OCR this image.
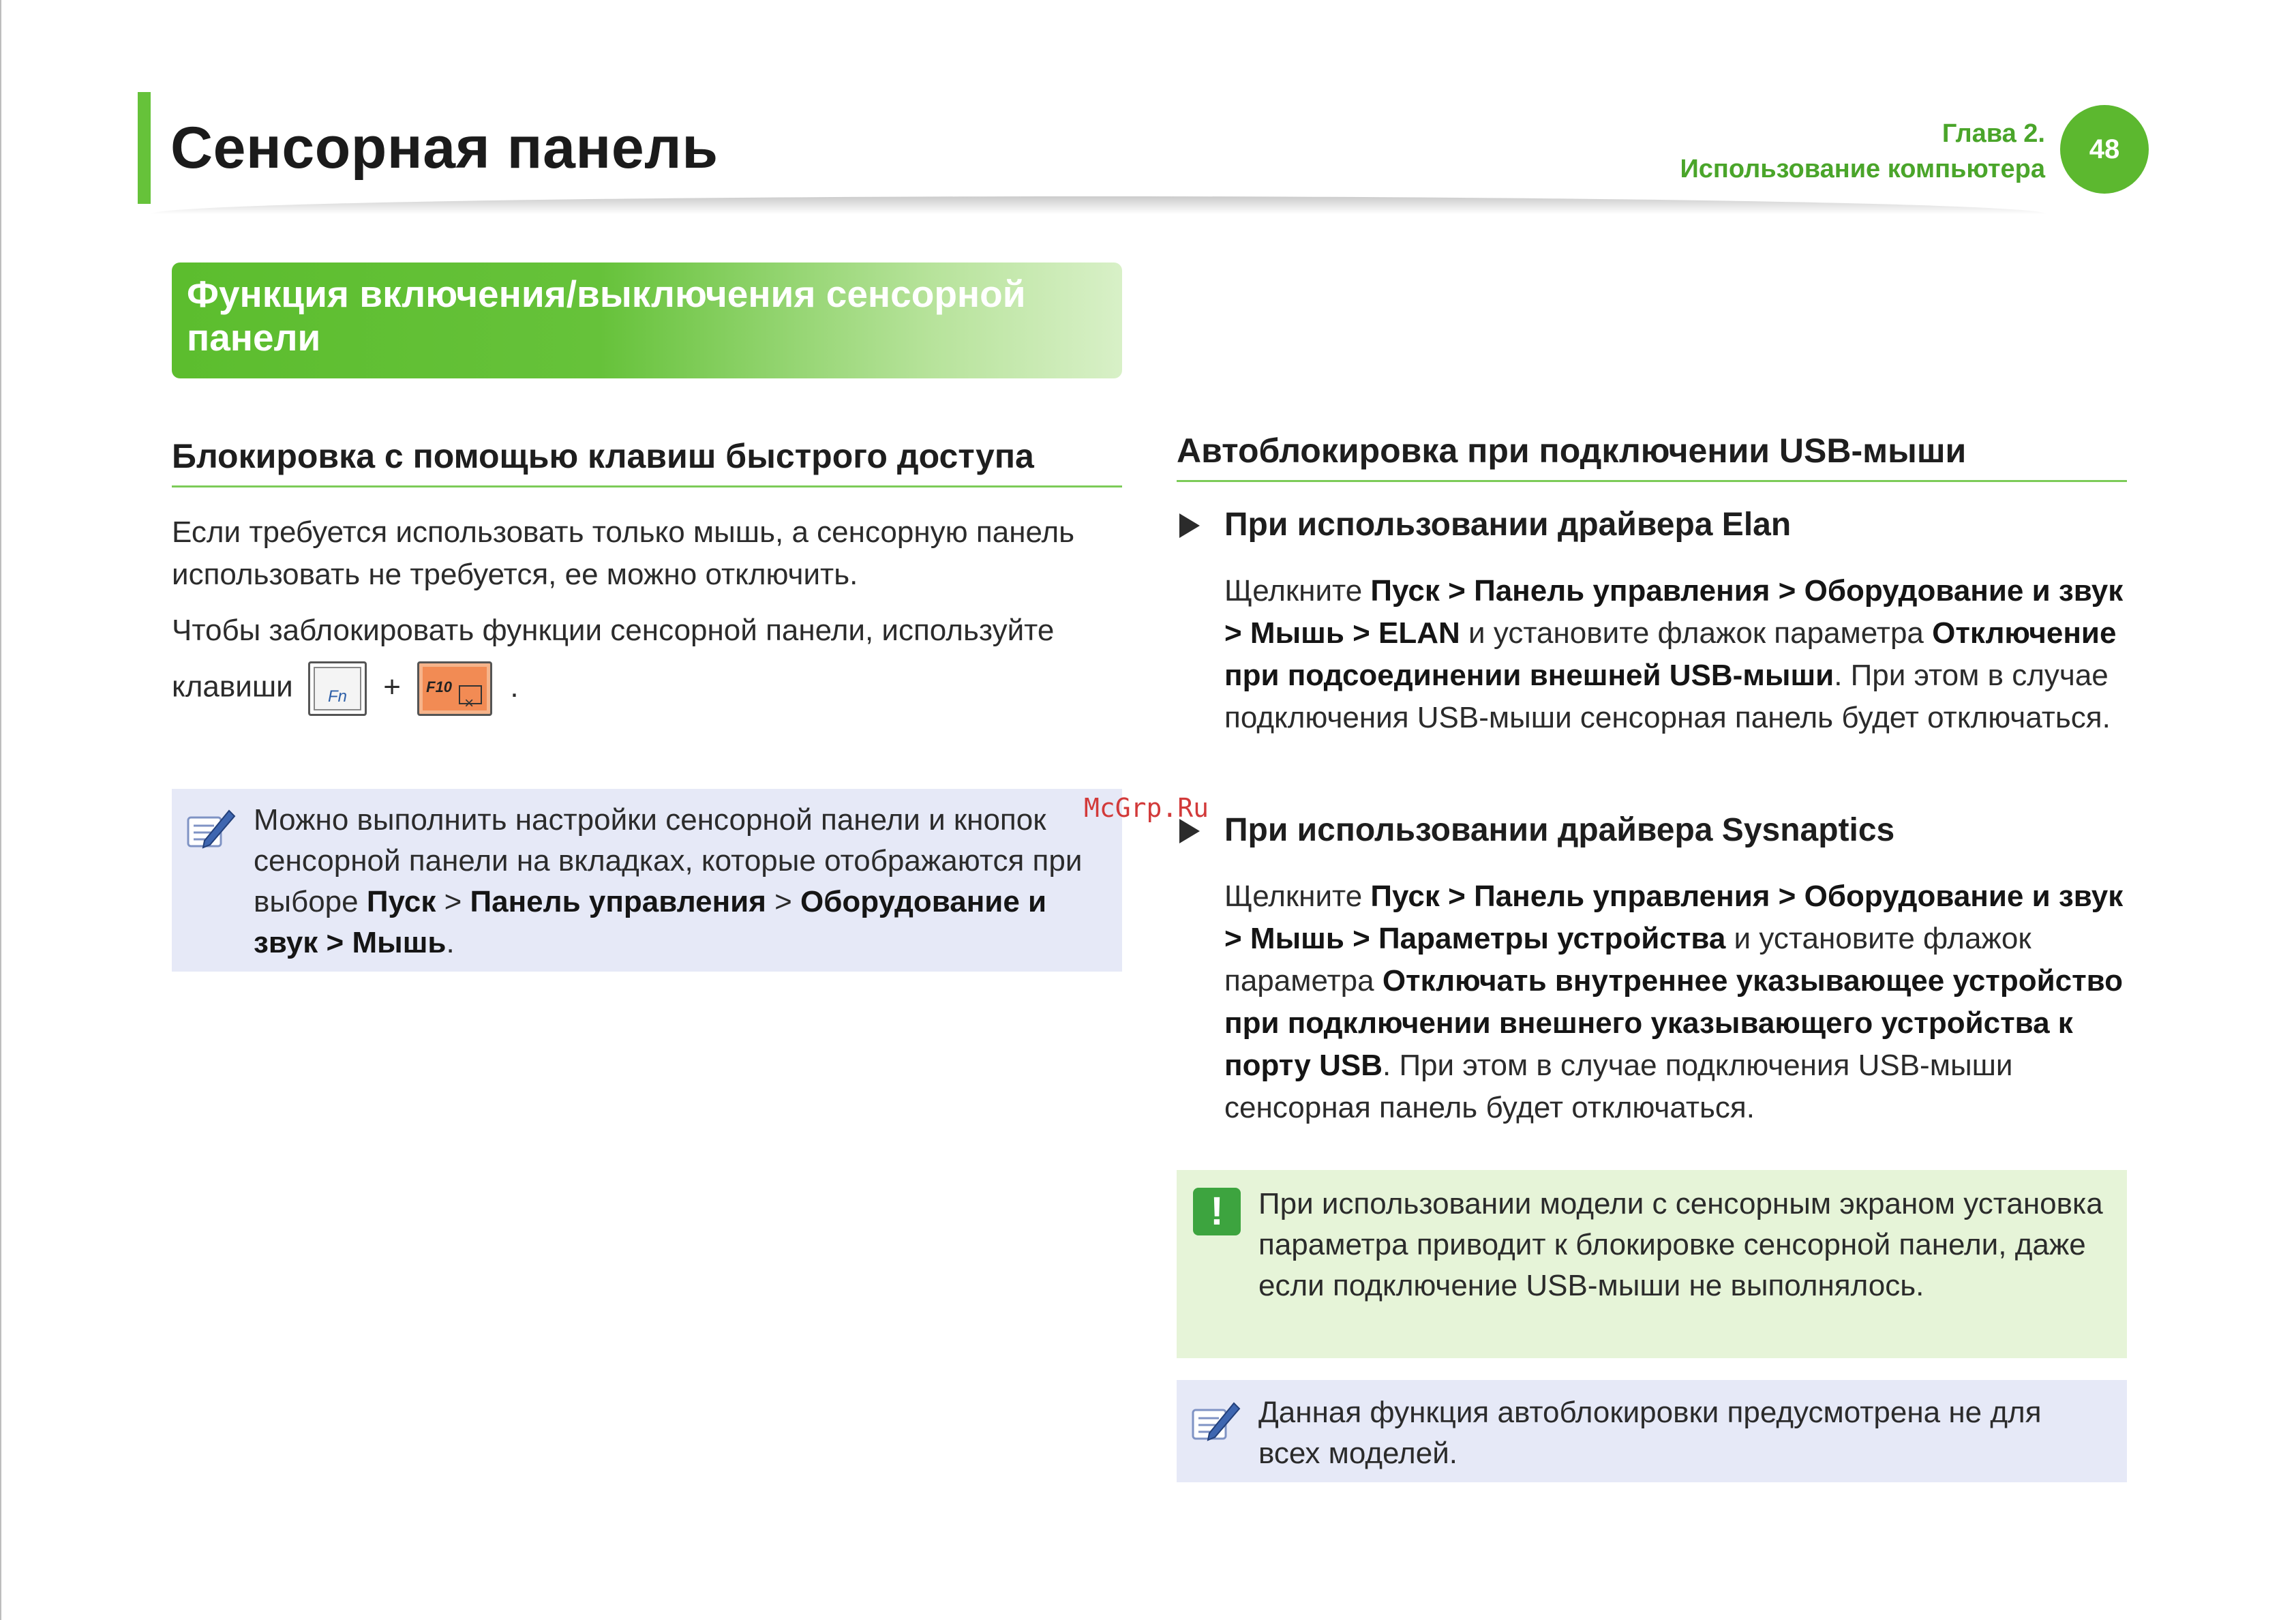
Сенсорная панель	Глава 2.
Использование компьютера
48
Функция включения/выключения сенсорной панели
Блокировка с помощью клавиш быстрого доступа
Если требуется использовать только мышь, а сенсорную панель использовать не требуется, ее можно отключить.
Чтобы заблокировать функции сенсорной панели, используйте
клавиши	Fn	+ F10 × .
Можно выполнить настройки сенсорной панели и кнопок сенсорной панели на вкладках, которые отображаются при выборе Пуск > Панель управления > Оборудование и звук > Мышь.
Автоблокировка при подключении USB-мыши
При использовании драйвера Elan
Щелкните Пуск > Панель управления > Оборудование и звук > Мышь > ELAN и установите флажок параметра Отключение при подсоединении внешней USB-мыши. При этом в случае подключения USB-мыши сенсорная панель будет отключаться.
При использовании драйвера Sysnaptics
Щелкните Пуск > Панель управления > Оборудование и звук > Мышь > Параметры устройства и установите флажок параметра Отключать внутреннее указывающее устройство при подключении внешнего указывающего устройства к порту USB. При этом в случае подключения USB-мыши сенсорная панель будет отключаться.
!	При использовании модели с сенсорным экраном установка параметра приводит к блокировке сенсорной панели, даже если подключение USB-мыши не выполнялось.
Данная функция автоблокировки предусмотрена не для всех моделей.
McGrp.Ru
